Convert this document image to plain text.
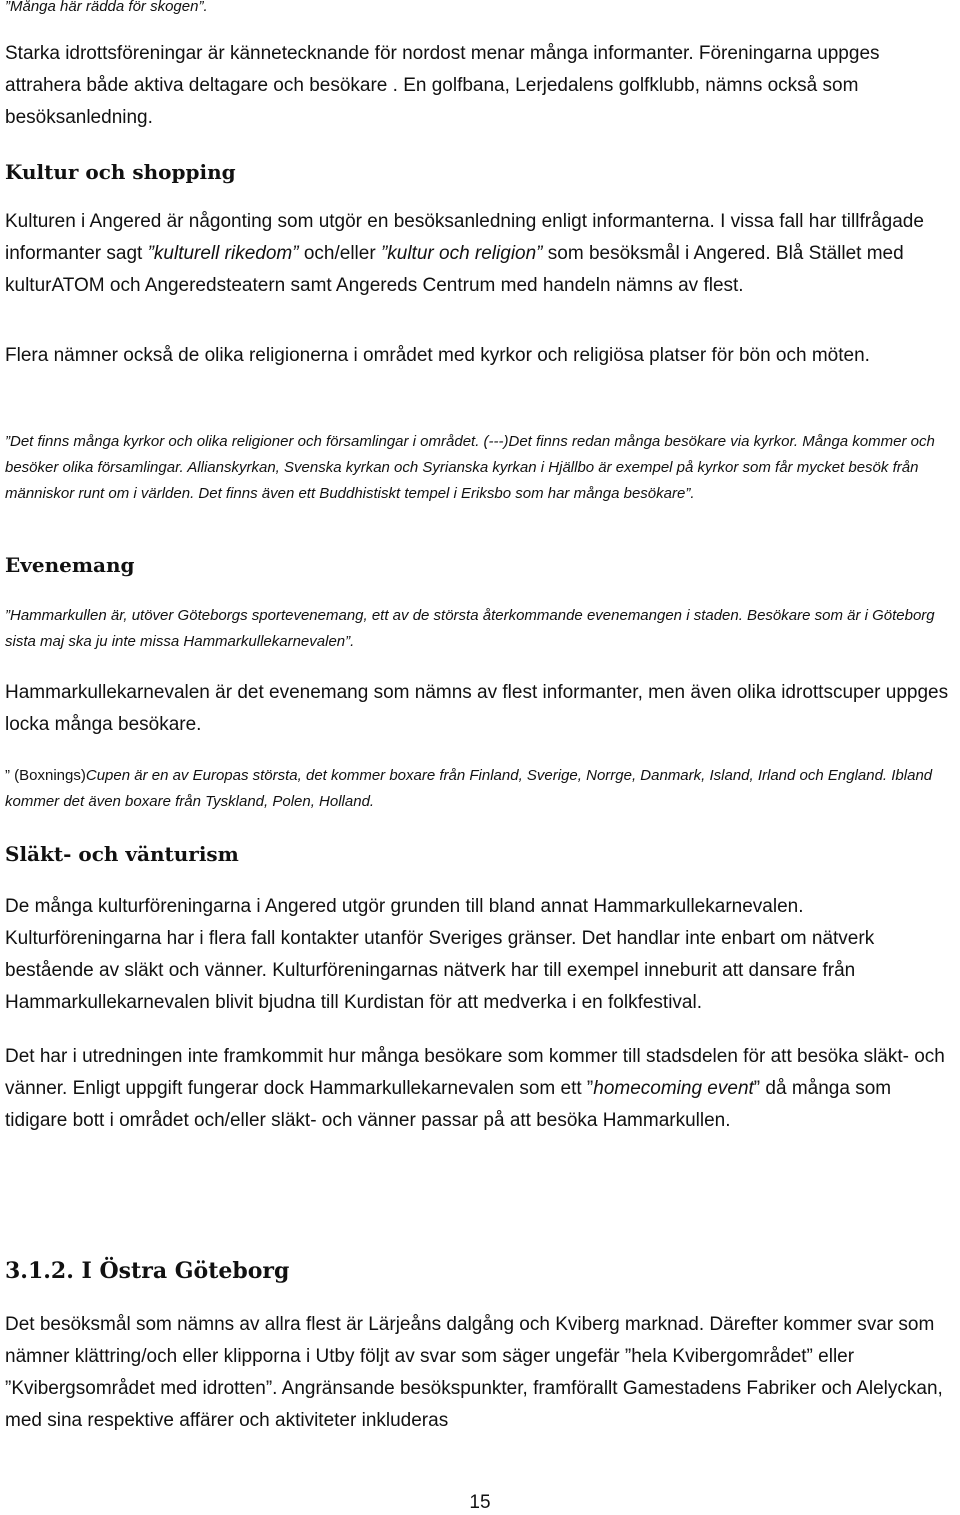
”Många här rädda för skogen”.

Starka idrottsföreningar är kännetecknande för nordost menar många informanter. Föreningarna uppges attrahera både aktiva deltagare och besökare . En golfbana, Lerjedalens golfklubb, nämns också som besöksanledning.

Kultur och shopping

Kulturen i Angered är någonting som utgör en besöksanledning enligt informanterna. I vissa fall har tillfrågade informanter sagt ”kulturell rikedom” och/eller ”kultur och religion” som besöksmål i Angered. Blå Stället med kulturATOM och Angeredsteatern samt Angereds Centrum med handeln nämns av flest.

Flera nämner också de olika religionerna i området med kyrkor och religiösa platser för bön och möten.

”Det finns många kyrkor och olika religioner och församlingar i området. (---)Det finns redan många besökare via kyrkor. Många kommer och besöker olika församlingar. Allianskyrkan, Svenska kyrkan och Syrianska kyrkan i Hjällbo är exempel på kyrkor som får mycket besök från människor runt om i världen. Det finns även ett Buddhistiskt tempel i Eriksbo som har många besökare”.

Evenemang

”Hammarkullen är, utöver Göteborgs sportevenemang, ett av de största återkommande evenemangen i staden. Besökare som är i Göteborg sista maj ska ju inte missa Hammarkullekarnevalen”.

Hammarkullekarnevalen är det evenemang som nämns av flest informanter, men även olika idrottscuper uppges locka många besökare.

” (Boxnings)Cupen är en av Europas största, det kommer boxare från Finland, Sverige, Norrge, Danmark, Island, Irland och England. Ibland kommer det även boxare från Tyskland, Polen, Holland.

Släkt- och vänturism

De många kulturföreningarna i Angered utgör grunden till bland annat Hammarkullekarnevalen. Kulturföreningarna har i flera fall kontakter utanför Sveriges gränser. Det handlar inte enbart om nätverk bestående av släkt och vänner. Kulturföreningarnas nätverk har till exempel inneburit att dansare från Hammarkullekarnevalen blivit bjudna till Kurdistan för att medverka i en folkfestival.

Det har i utredningen inte framkommit hur många besökare som kommer till stadsdelen för att besöka släkt- och vänner. Enligt uppgift fungerar dock Hammarkullekarnevalen som ett ”homecoming event” då många som tidigare bott i området och/eller släkt- och vänner passar på att besöka Hammarkullen.

3.1.2. I Östra Göteborg

Det besöksmål som nämns av allra flest är Lärjeåns dalgång och Kviberg marknad. Därefter kommer svar som nämner klättring/och eller klipporna i Utby följt av svar som säger ungefär ”hela Kvibergområdet” eller ”Kvibergsområdet med idrotten”. Angränsande besökspunkter, framförallt Gamestadens Fabriker och Alelyckan, med sina respektive affärer och aktiviteter inkluderas

15
